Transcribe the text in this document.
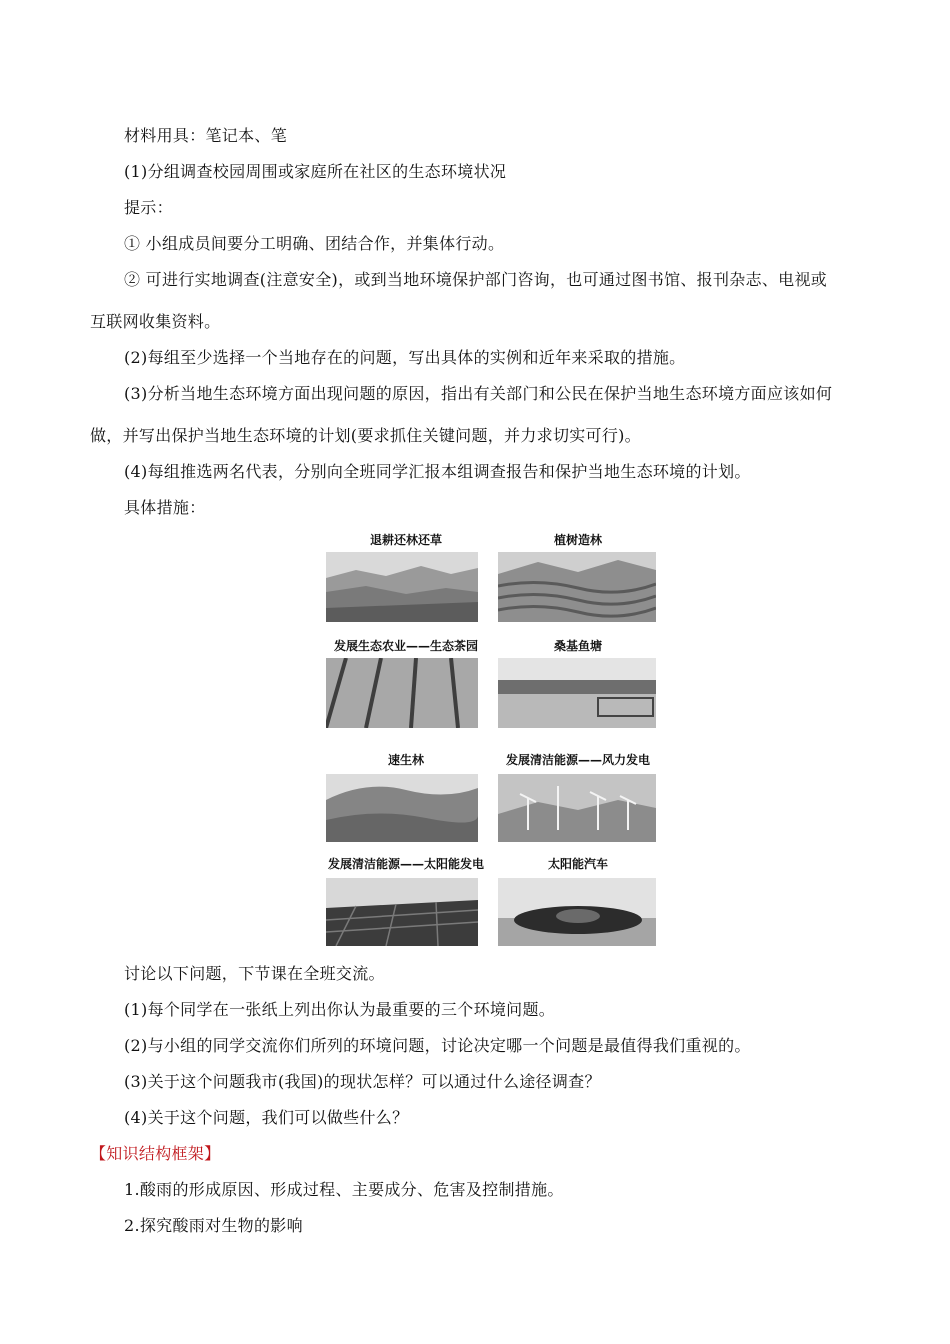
材料用具：笔记本、笔
(1)分组调查校园周围或家庭所在社区的生态环境状况
提示：
① 小组成员间要分工明确、团结合作，并集体行动。
② 可进行实地调查(注意安全)，或到当地环境保护部门咨询，也可通过图书馆、报刊杂志、电视或
互联网收集资料。
(2)每组至少选择一个当地存在的问题，写出具体的实例和近年来采取的措施。
(3)分析当地生态环境方面出现问题的原因，指出有关部门和公民在保护当地生态环境方面应该如何
做，并写出保护当地生态环境的计划(要求抓住关键问题，并力求切实可行)。
(4)每组推选两名代表，分别向全班同学汇报本组调查报告和保护当地生态环境的计划。
具体措施：
退耕还林还草	植树造林
发展生态农业——生态茶园	桑基鱼塘
速生林	发展清洁能源——风力发电
发展清洁能源——太阳能发电	太阳能汽车
讨论以下问题，下节课在全班交流。
(1)每个同学在一张纸上列出你认为最重要的三个环境问题。
(2)与小组的同学交流你们所列的环境问题，讨论决定哪一个问题是最值得我们重视的。
(3)关于这个问题我市(我国)的现状怎样？可以通过什么途径调查？
(4)关于这个问题，我们可以做些什么？
【知识结构框架】
1.酸雨的形成原因、形成过程、主要成分、危害及控制措施。
2.探究酸雨对生物的影响
